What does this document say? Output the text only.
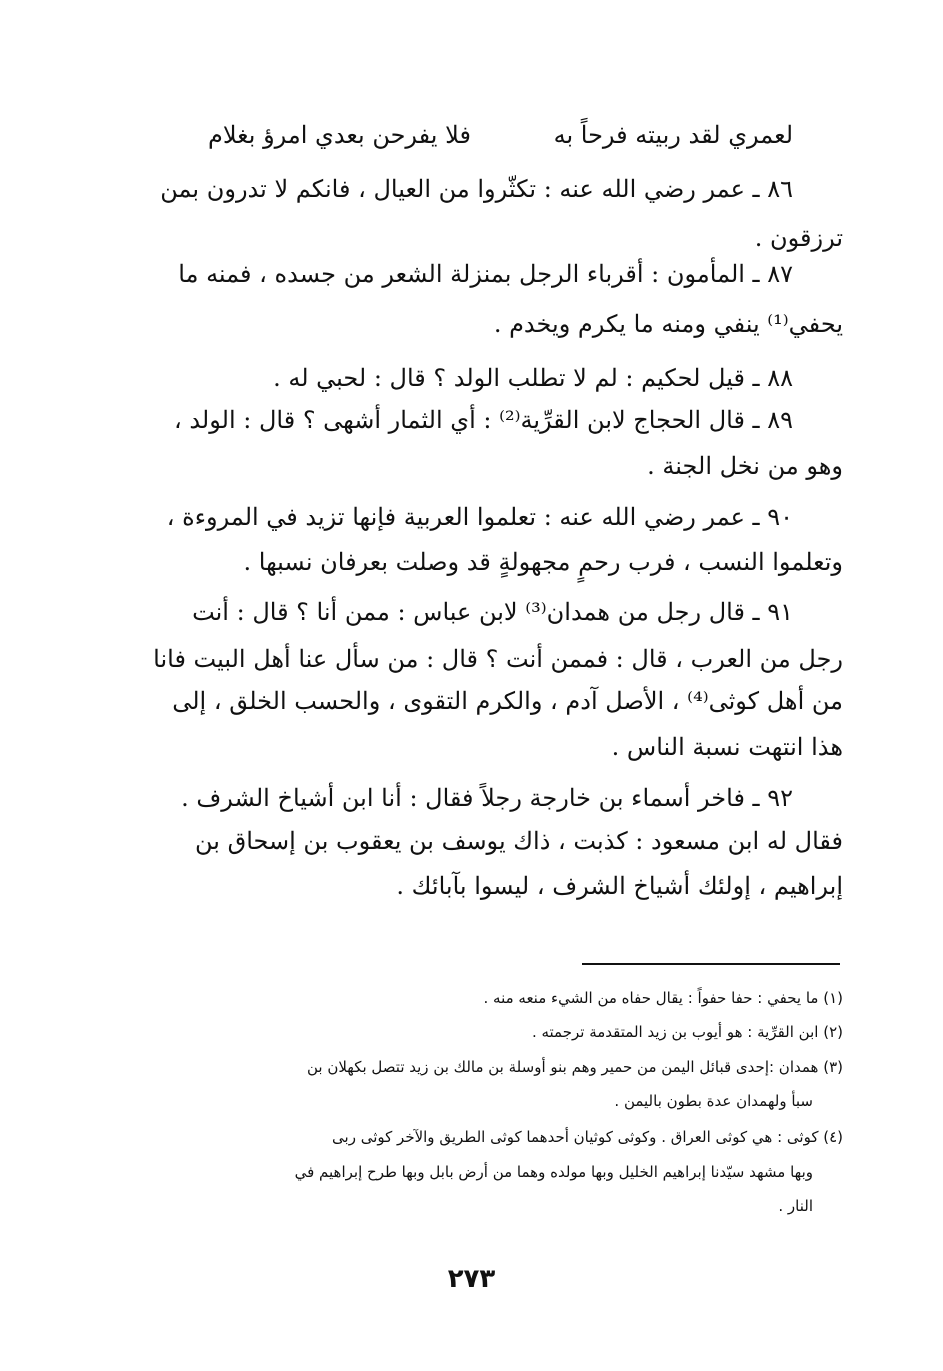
لعمري لقد ربيته فرحاً به
فلا يفرحن بعدي امرؤ بغلام
٨٦ ـ عمر رضي الله عنه : تكثّروا من العيال ، فانكم لا تدرون بمن
ترزقون .
٨٧ ـ المأمون : أقرباء الرجل بمنزلة الشعر من جسده ، فمنه ما
يحفي⁽¹⁾ ينفي ومنه ما يكرم ويخدم .
٨٨ ـ قيل لحكيم : لم لا تطلب الولد ؟ قال : لحبي له .
٨٩ ـ قال الحجاج لابن القرِّية⁽²⁾ : أي الثمار أشهى ؟ قال : الولد ،
وهو من نخل الجنة .
٩٠ ـ عمر رضي الله عنه : تعلموا العربية فإنها تزيد في المروءة ،
وتعلموا النسب ، فرب رحمٍ مجهولةٍ قد وصلت بعرفان نسبها .
٩١ ـ قال رجل من همدان⁽³⁾ لابن عباس : ممن أنا ؟ قال : أنت
رجل من العرب ، قال : فممن أنت ؟ قال : من سأل عنا أهل البيت فانا
من أهل كوثى⁽⁴⁾ ، الأصل آدم ، والكرم التقوى ، والحسب الخلق ، إلى
هذا انتهت نسبة الناس .
٩٢ ـ فاخر أسماء بن خارجة رجلاً فقال : أنا ابن أشياخ الشرف .
فقال له ابن مسعود : كذبت ، ذاك يوسف بن يعقوب بن إسحاق بن
إبراهيم ، إولئك أشياخ الشرف ، ليسوا بآبائك .
(١) ما يحفي : حفا حفواً : يقال حفاه من الشيء منعه منه .
(٢) ابن القرِّية : هو أيوب بن زيد المتقدمة ترجمته .
(٣) همدان :إحدى قبائل اليمن من حمير وهم بنو أوسلة بن مالك بن زيد تتصل بكهلان بن
سبأ ولهمدان عدة بطون باليمن .
(٤) كوثى : هي كوثى العراق . وكوثى كوثيان أحدهما كوثى الطريق والآخر كوثى ربى
وبها مشهد سيّدنا إبراهيم الخليل وبها مولده وهما من أرض بابل وبها طرح إبراهيم في
النار .
٢٧٣
